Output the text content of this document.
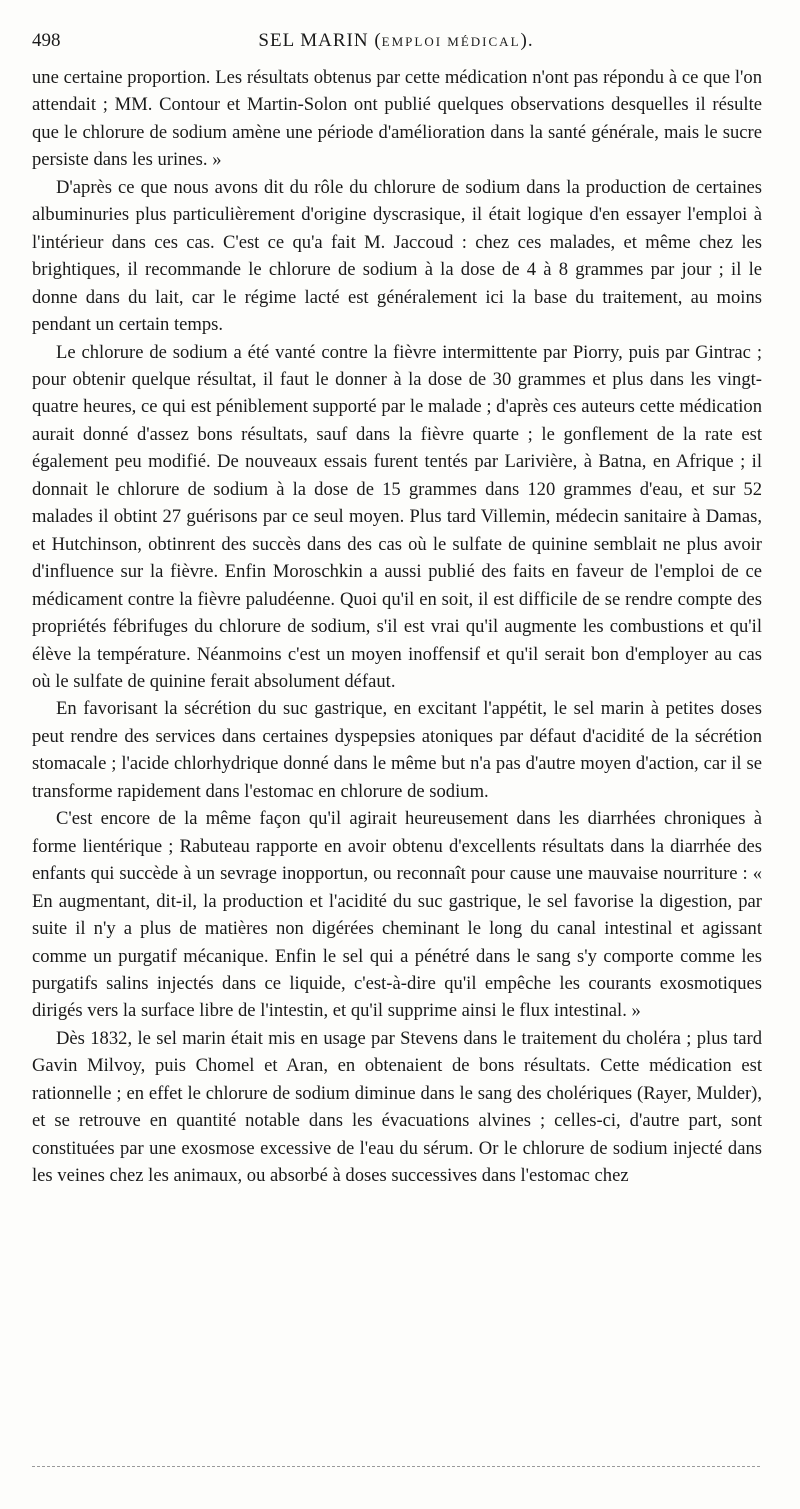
498	SEL MARIN (EMPLOI MÉDICAL).

une certaine proportion. Les résultats obtenus par cette médication n'ont pas répondu à ce que l'on attendait ; MM. Contour et Martin-Solon ont publié quelques observations desquelles il résulte que le chlorure de sodium amène une période d'amélioration dans la santé générale, mais le sucre persiste dans les urines. »

D'après ce que nous avons dit du rôle du chlorure de sodium dans la production de certaines albuminuries plus particulièrement d'origine dyscrasique, il était logique d'en essayer l'emploi à l'intérieur dans ces cas. C'est ce qu'a fait M. Jaccoud : chez ces malades, et même chez les brightiques, il recommande le chlorure de sodium à la dose de 4 à 8 grammes par jour ; il le donne dans du lait, car le régime lacté est généralement ici la base du traitement, au moins pendant un certain temps.

Le chlorure de sodium a été vanté contre la fièvre intermittente par Piorry, puis par Gintrac ; pour obtenir quelque résultat, il faut le donner à la dose de 30 grammes et plus dans les vingt-quatre heures, ce qui est péniblement supporté par le malade ; d'après ces auteurs cette médication aurait donné d'assez bons résultats, sauf dans la fièvre quarte ; le gonflement de la rate est également peu modifié. De nouveaux essais furent tentés par Larivière, à Batna, en Afrique ; il donnait le chlorure de sodium à la dose de 15 grammes dans 120 grammes d'eau, et sur 52 malades il obtint 27 guérisons par ce seul moyen. Plus tard Villemin, médecin sanitaire à Damas, et Hutchinson, obtinrent des succès dans des cas où le sulfate de quinine semblait ne plus avoir d'influence sur la fièvre. Enfin Moroschkin a aussi publié des faits en faveur de l'emploi de ce médicament contre la fièvre paludéenne. Quoi qu'il en soit, il est difficile de se rendre compte des propriétés fébrifuges du chlorure de sodium, s'il est vrai qu'il augmente les combustions et qu'il élève la température. Néanmoins c'est un moyen inoffensif et qu'il serait bon d'employer au cas où le sulfate de quinine ferait absolument défaut.

En favorisant la sécrétion du suc gastrique, en excitant l'appétit, le sel marin à petites doses peut rendre des services dans certaines dyspepsies atoniques par défaut d'acidité de la sécrétion stomacale ; l'acide chlorhydrique donné dans le même but n'a pas d'autre moyen d'action, car il se transforme rapidement dans l'estomac en chlorure de sodium.

C'est encore de la même façon qu'il agirait heureusement dans les diarrhées chroniques à forme lientérique ; Rabuteau rapporte en avoir obtenu d'excellents résultats dans la diarrhée des enfants qui succède à un sevrage inopportun, ou reconnaît pour cause une mauvaise nourriture : « En augmentant, dit-il, la production et l'acidité du suc gastrique, le sel favorise la digestion, par suite il n'y a plus de matières non digérées cheminant le long du canal intestinal et agissant comme un purgatif mécanique. Enfin le sel qui a pénétré dans le sang s'y comporte comme les purgatifs salins injectés dans ce liquide, c'est-à-dire qu'il empêche les courants exosmotiques dirigés vers la surface libre de l'intestin, et qu'il supprime ainsi le flux intestinal. »

Dès 1832, le sel marin était mis en usage par Stevens dans le traitement du choléra ; plus tard Gavin Milvoy, puis Chomel et Aran, en obtenaient de bons résultats. Cette médication est rationnelle ; en effet le chlorure de sodium diminue dans le sang des cholériques (Rayer, Mulder), et se retrouve en quantité notable dans les évacuations alvines ; celles-ci, d'autre part, sont constituées par une exosmose excessive de l'eau du sérum. Or le chlorure de sodium injecté dans les veines chez les animaux, ou absorbé à doses successives dans l'estomac chez
